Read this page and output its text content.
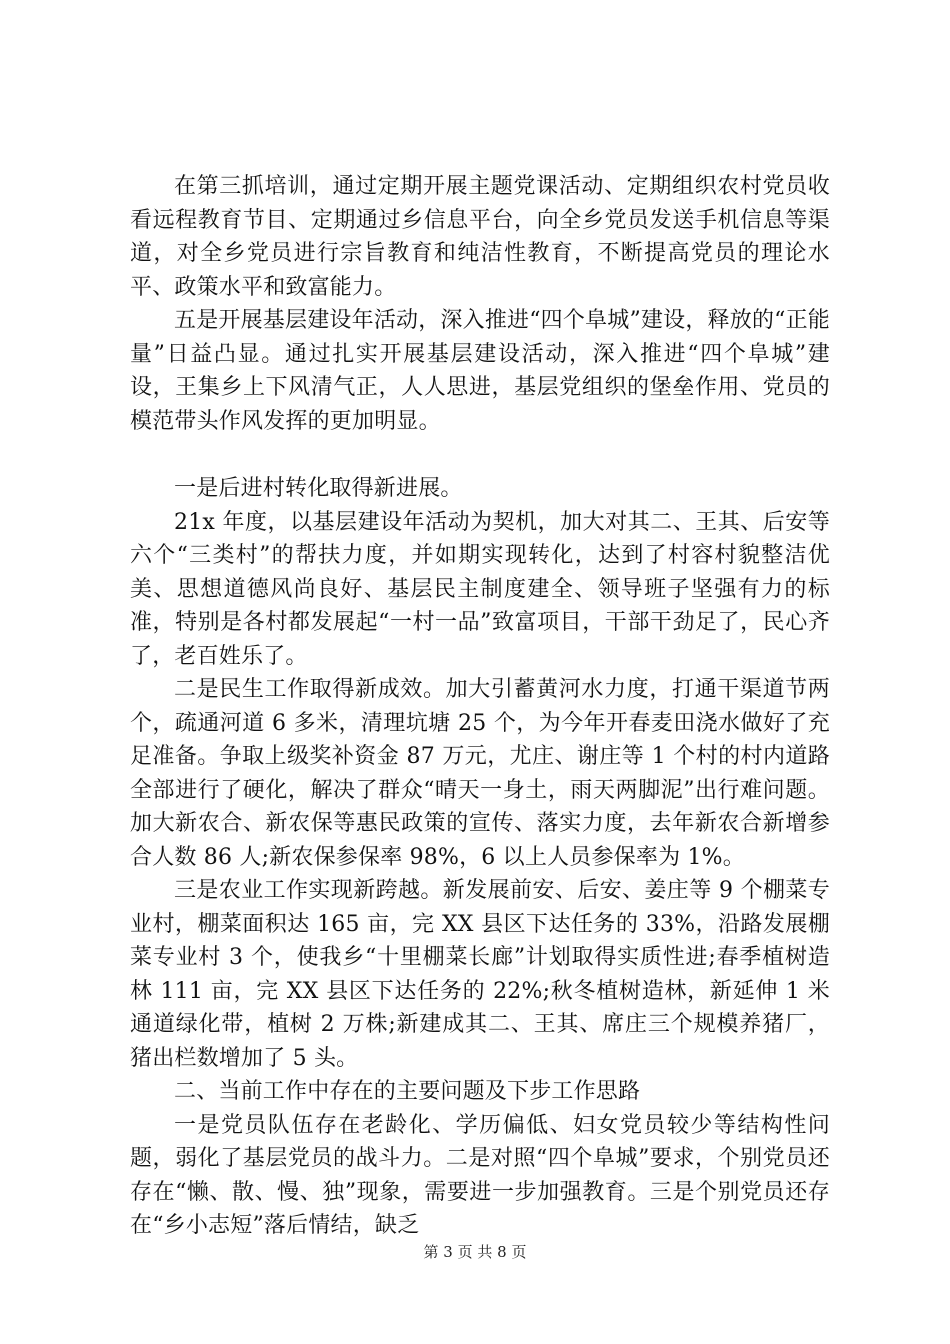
在第三抓培训，通过定期开展主题党课活动、定期组织农村党员收看远程教育节目、定期通过乡信息平台，向全乡党员发送手机信息等渠道，对全乡党员进行宗旨教育和纯洁性教育，不断提高党员的理论水平、政策水平和致富能力。

五是开展基层建设年活动，深入推进“四个阜城”建设，释放的“正能量”日益凸显。通过扎实开展基层建设活动，深入推进“四个阜城”建设，王集乡上下风清气正，人人思进，基层党组织的堡垒作用、党员的模范带头作风发挥的更加明显。

一是后进村转化取得新进展。

21x 年度，以基层建设年活动为契机，加大对其二、王其、后安等六个“三类村”的帮扶力度，并如期实现转化，达到了村容村貌整洁优美、思想道德风尚良好、基层民主制度建全、领导班子坚强有力的标准，特别是各村都发展起“一村一品”致富项目，干部干劲足了，民心齐了，老百姓乐了。

二是民生工作取得新成效。加大引蓄黄河水力度，打通干渠道节两个，疏通河道 6 多米，清理坑塘 25 个，为今年开春麦田浇水做好了充足准备。争取上级奖补资金 87 万元，尤庄、谢庄等 1 个村的村内道路全部进行了硬化，解决了群众“晴天一身土，雨天两脚泥”出行难问题。加大新农合、新农保等惠民政策的宣传、落实力度，去年新农合新增参合人数 86 人;新农保参保率 98%，6 以上人员参保率为 1%。

三是农业工作实现新跨越。新发展前安、后安、姜庄等 9 个棚菜专业村，棚菜面积达 165 亩，完 XX 县区下达任务的 33%，沿路发展棚菜专业村 3 个，使我乡“十里棚菜长廊”计划取得实质性进;春季植树造林 111 亩，完 XX 县区下达任务的 22%;秋冬植树造林，新延伸 1 米通道绿化带，植树 2 万株;新建成其二、王其、席庄三个规模养猪厂，猪出栏数增加了 5 头。

二、当前工作中存在的主要问题及下步工作思路

一是党员队伍存在老龄化、学历偏低、妇女党员较少等结构性问题，弱化了基层党员的战斗力。二是对照“四个阜城”要求，个别党员还存在“懒、散、慢、独”现象，需要进一步加强教育。三是个别党员还存在“乡小志短”落后情结，缺乏

第 3 页 共 8 页
